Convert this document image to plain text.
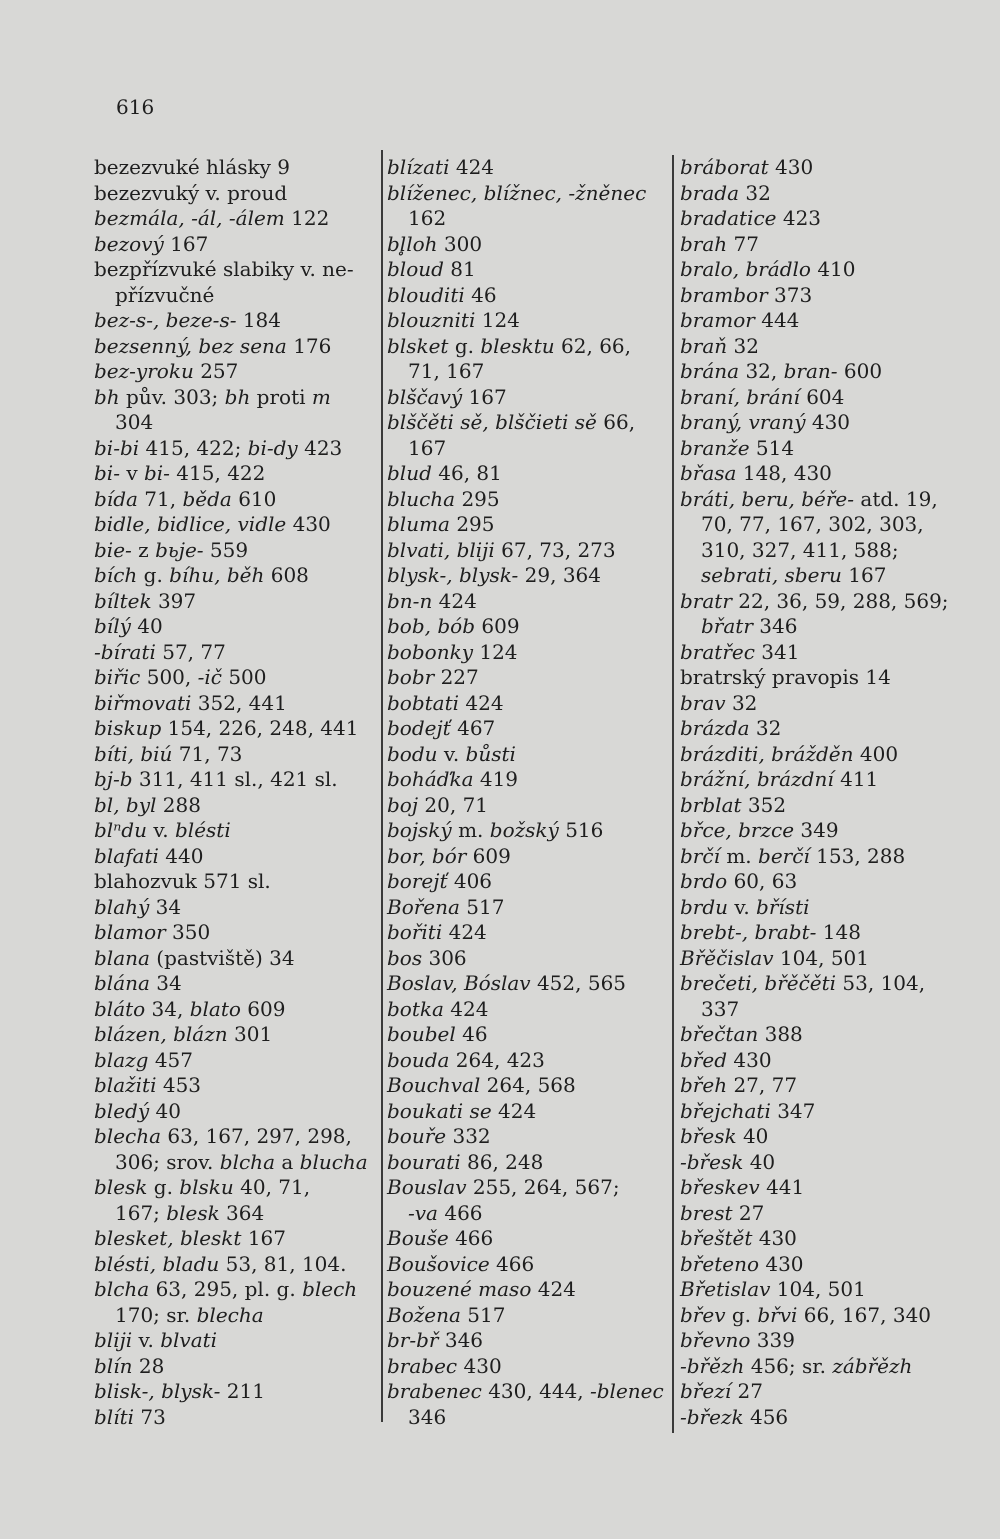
616
bezezvuké hlásky 9
bezezvuký v. proud
bezmála, -ál, -álem 122
bezový 167
bezpřízvuké slabiky v. ne-
přízvučné
bez-s-, beze-s- 184
bezsenný, bez sena 176
bez-yroku 257
bh pův. 303; bh proti m
304
bi-bi 415, 422; bi-dy 423
bi- v bi- 415, 422
bída 71, běda 610
bidle, bidlice, vidle 430
bie- z bьje- 559
bích g. bíhu, běh 608
bíltek 397
bílý 40
-bírati 57, 77
biřic 500, -ič 500
biřmovati 352, 441
biskup 154, 226, 248, 441
bíti, biú 71, 73
bj-b 311, 411 sl., 421 sl.
bl, byl 288
blⁿdu v. blésti
blafati 440
blahozvuk 571 sl.
blahý 34
blamor 350
blana (pastviště) 34
blána 34
bláto 34, blato 609
blázen, blázn 301
blazg 457
blažiti 453
bledý 40
blecha 63, 167, 297, 298,
306; srov. blcha a blucha
blesk g. blsku 40, 71,
167; blesk 364
blesket, bleskt 167
blésti, bladu 53, 81, 104.
blcha 63, 295, pl. g. blech
170; sr. blecha
bliji v. blvati
blín 28
blisk-, blysk- 211
blíti 73
blízati 424
blíženec, blížnec, -žněnec
162
bl̥loh 300
bloud 81
blouditi 46
blouzniti 124
blsket g. blesktu 62, 66,
71, 167
blščavý 167
blščěti sě, blščieti sě 66,
167
blud 46, 81
blucha 295
bluma 295
blvati, bliji 67, 73, 273
blysk-, blysk- 29, 364
bn-n 424
bob, bób 609
bobonky 124
bobr 227
bobtati 424
bodejť 467
bodu v. bůsti
boháďka 419
boj 20, 71
bojský m. božský 516
bor, bór 609
borejť 406
Bořena 517
bořiti 424
bos 306
Boslav, Bóslav 452, 565
botka 424
boubel 46
bouda 264, 423
Bouchval 264, 568
boukati se 424
bouře 332
bourati 86, 248
Bouslav 255, 264, 567;
-va 466
Bouše 466
Boušovice 466
bouzené maso 424
Božena 517
br-bř 346
brabec 430
brabenec 430, 444, -blenec
346
bráborat 430
brada 32
bradatice 423
brah 77
bralo, brádlo 410
brambor 373
bramor 444
braň 32
brána 32, bran- 600
braní, brání 604
braný, vraný 430
branže 514
břasa 148, 430
bráti, beru, béře- atd. 19,
70, 77, 167, 302, 303,
310, 327, 411, 588;
sebrati, sberu 167
bratr 22, 36, 59, 288, 569;
břatr 346
bratřec 341
bratrský pravopis 14
brav 32
brázda 32
brázditi, brážděn 400
brážní, brázdní 411
brblat 352
břce, brzce 349
brčí m. berčí 153, 288
brdo 60, 63
brdu v. břísti
brebt-, brabt- 148
Břěčislav 104, 501
brečeti, břěčěti 53, 104,
337
břečtan 388
břed 430
břeh 27, 77
břejchati 347
břesk 40
-břesk 40
břeskev 441
brest 27
břeštět 430
břeteno 430
Břetislav 104, 501
břev g. břvi 66, 167, 340
břevno 339
-břězh 456; sr. zábřězh
březí 27
-březk 456
